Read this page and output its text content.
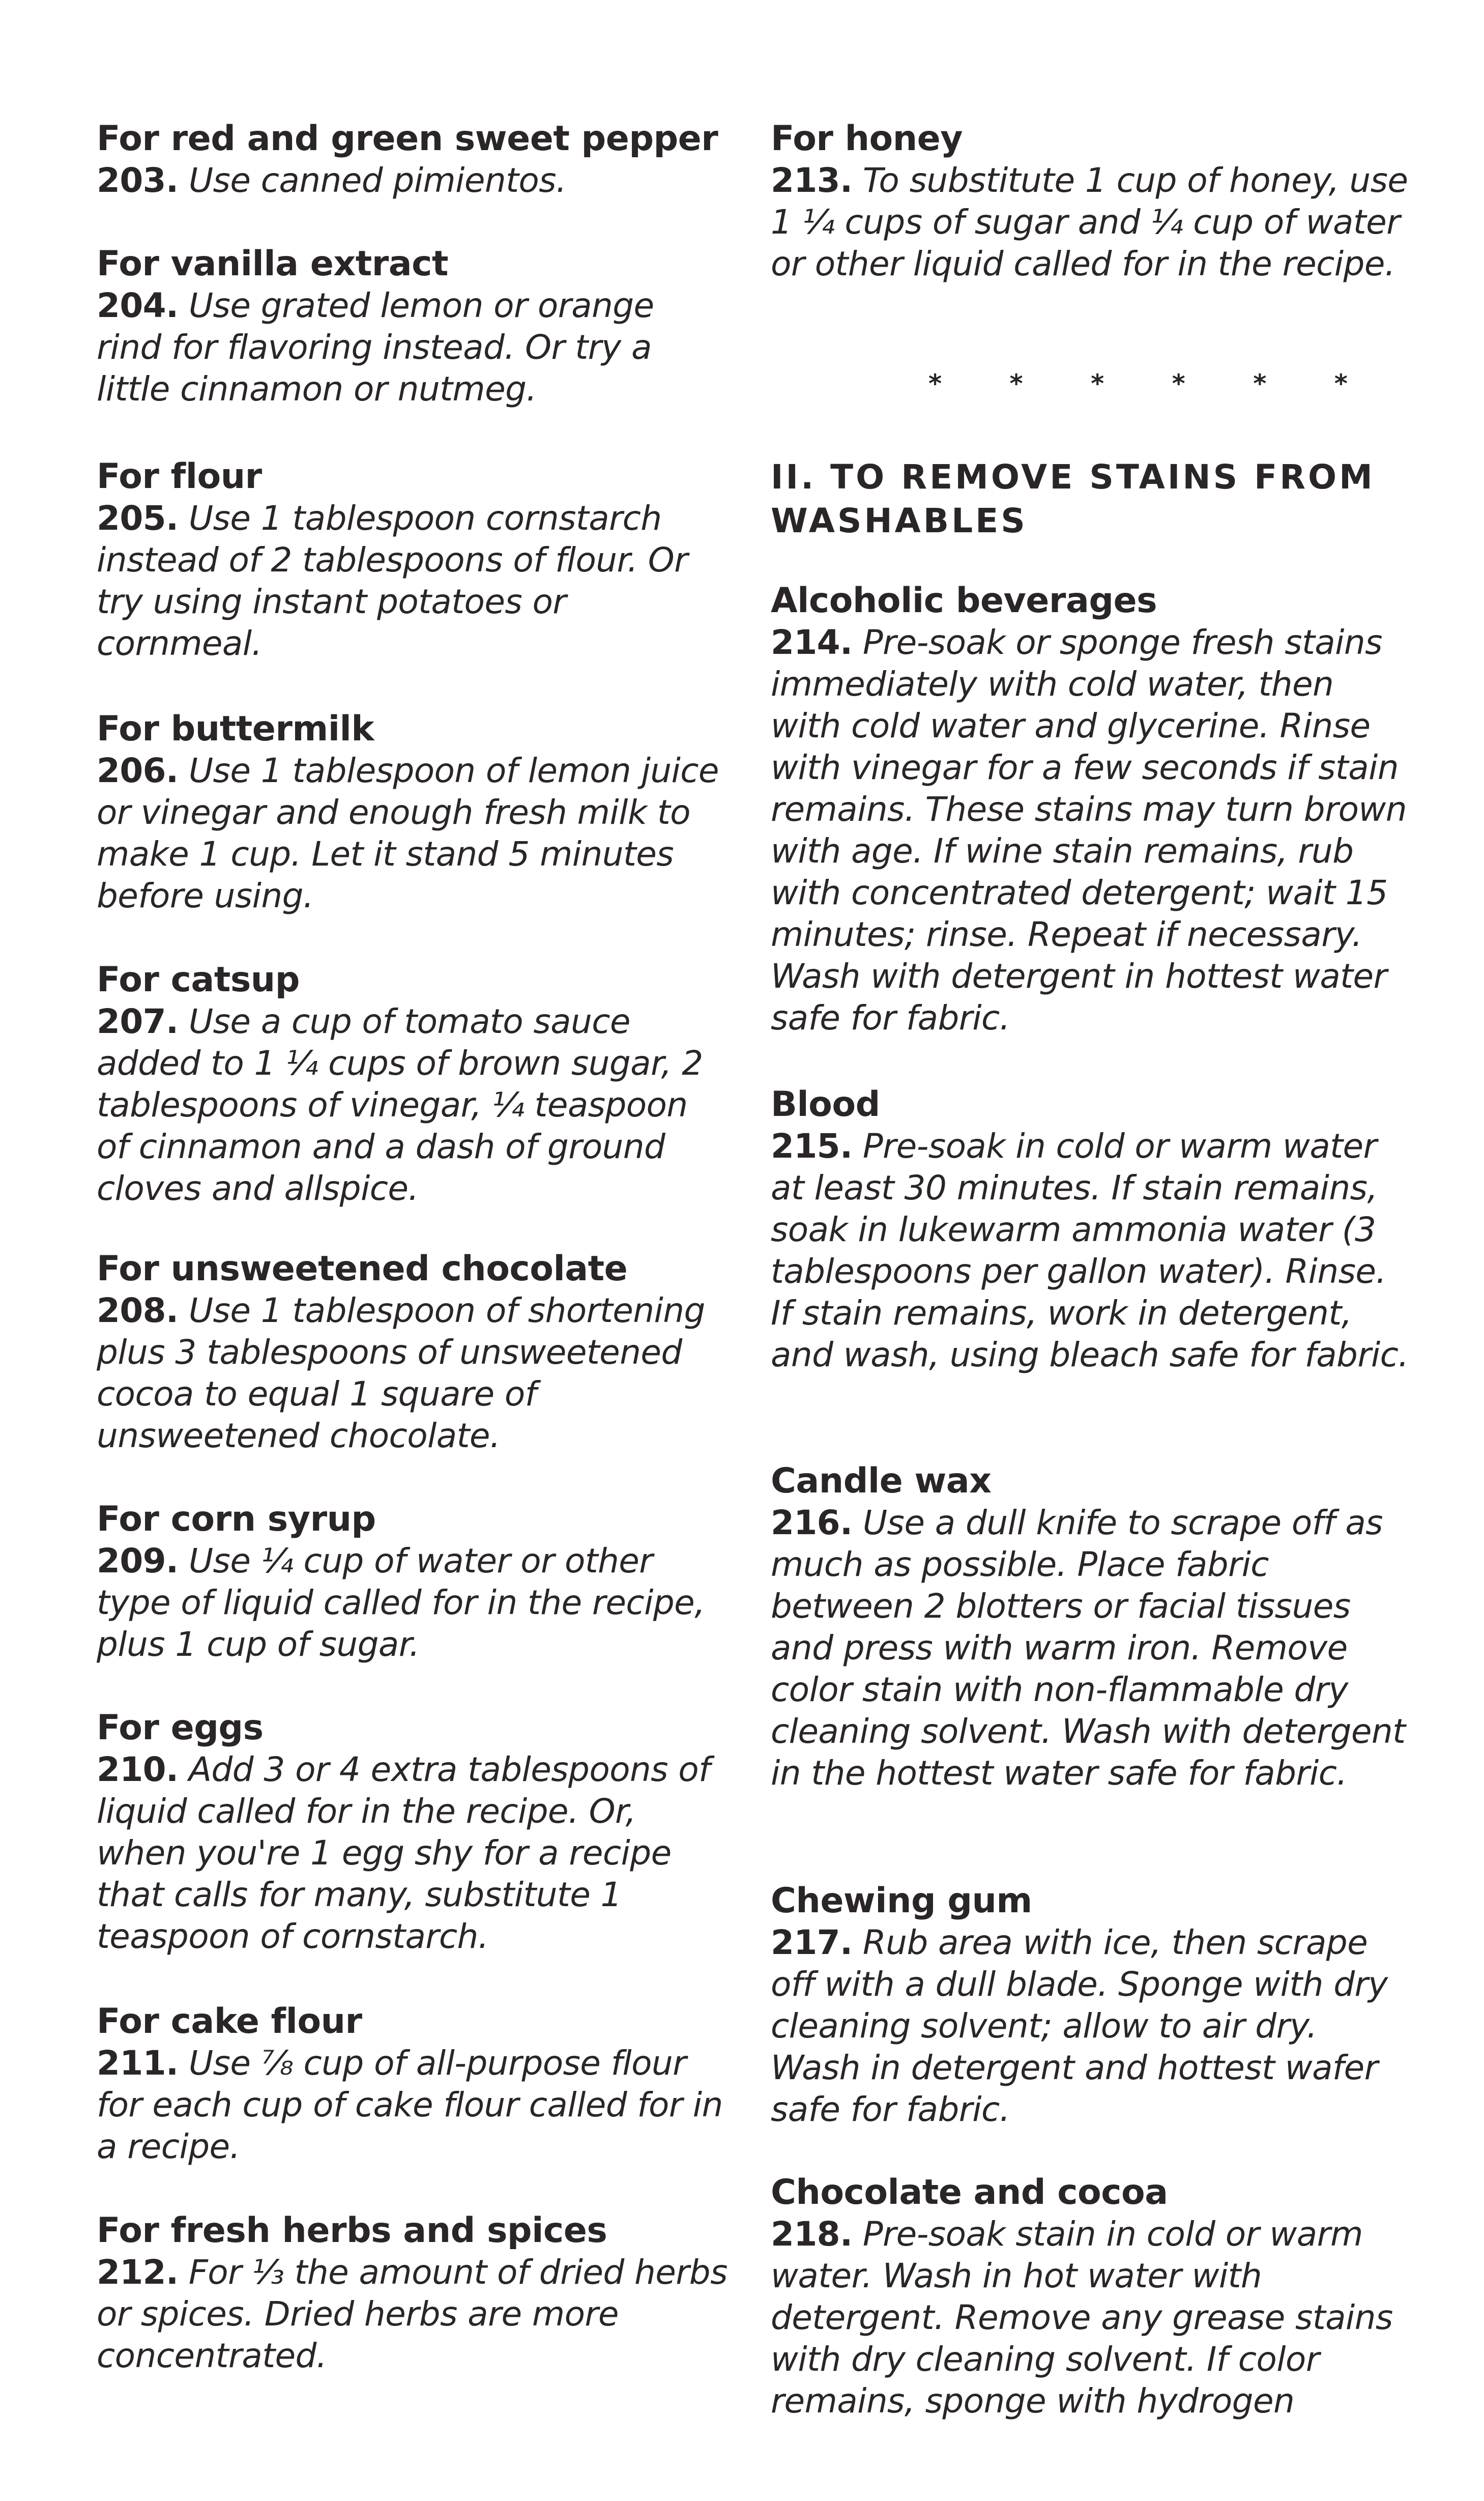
For red and green sweet pepper

203. Use canned pimientos.

For vanilla extract

204. Use grated lemon or orange rind for flavoring instead. Or try a little cinnamon or nutmeg.

For flour

205. Use 1 tablespoon cornstarch instead of 2 tablespoons of flour. Or try using instant potatoes or cornmeal.

For buttermilk

206. Use 1 tablespoon of lemon juice or vinegar and enough fresh milk to make 1 cup. Let it stand 5 minutes before using.

For catsup

207. Use a cup of tomato sauce added to 1 ¼ cups of brown sugar, 2 tablespoons of vinegar, ¼ teaspoon of cinnamon and a dash of ground cloves and allspice.

For unsweetened chocolate

208. Use 1 tablespoon of shortening plus 3 tablespoons of unsweetened cocoa to equal 1 square of unsweetened chocolate.

For corn syrup

209. Use ¼ cup of water or other type of liquid called for in the recipe, plus 1 cup of sugar.

For eggs

210. Add 3 or 4 extra tablespoons of liquid called for in the recipe. Or, when you're 1 egg shy for a recipe that calls for many, substitute 1 teaspoon of cornstarch.

For cake flour

211. Use ⅞ cup of all-purpose flour for each cup of cake flour called for in a recipe.

For fresh herbs and spices

212. For ⅓ the amount of dried herbs or spices. Dried herbs are more concentrated.

For honey

213. To substitute 1 cup of honey, use 1 ¼ cups of sugar and ¼ cup of water or other liquid called for in the recipe.

* * * * * *

II. TO REMOVE STAINS FROM WASHABLES

Alcoholic beverages

214. Pre-soak or sponge fresh stains immediately with cold water, then with cold water and glycerine. Rinse with vinegar for a few seconds if stain remains. These stains may turn brown with age. If wine stain remains, rub with concentrated detergent; wait 15 minutes; rinse. Repeat if necessary. Wash with detergent in hottest water safe for fabric.

Blood

215. Pre-soak in cold or warm water at least 30 minutes. If stain remains, soak in lukewarm ammonia water (3 tablespoons per gallon water). Rinse. If stain remains, work in detergent, and wash, using bleach safe for fabric.

Candle wax

216. Use a dull knife to scrape off as much as possible. Place fabric between 2 blotters or facial tissues and press with warm iron. Remove color stain with non-flammable dry cleaning solvent. Wash with detergent in the hottest water safe for fabric.

Chewing gum

217. Rub area with ice, then scrape off with a dull blade. Sponge with dry cleaning solvent; allow to air dry. Wash in detergent and hottest wafer safe for fabric.

Chocolate and cocoa

218. Pre-soak stain in cold or warm water. Wash in hot water with detergent. Remove any grease stains with dry cleaning solvent. If color remains, sponge with hydrogen
